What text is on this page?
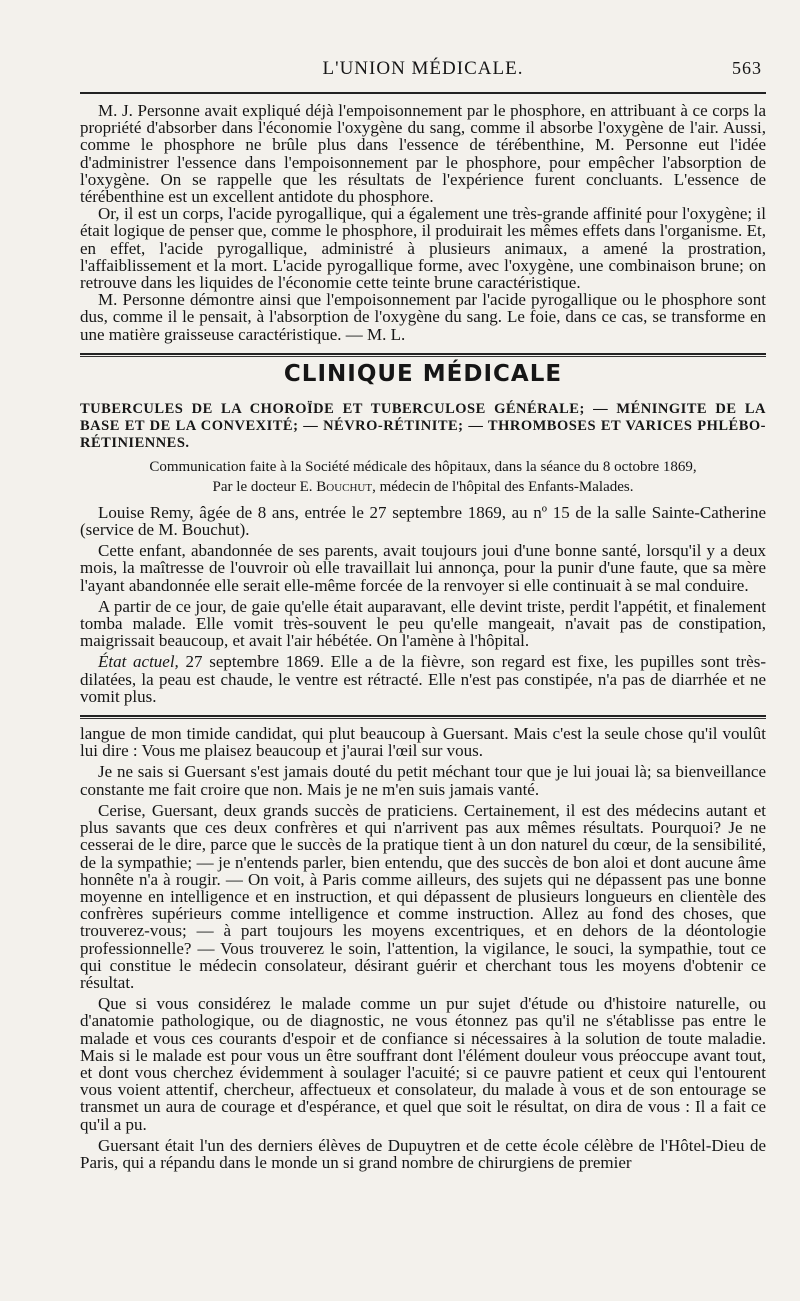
L'UNION MÉDICALE.	563

M. J. Personne avait expliqué déjà l'empoisonnement par le phosphore, en attribuant à ce corps la propriété d'absorber dans l'économie l'oxygène du sang, comme il absorbe l'oxygène de l'air. Aussi, comme le phosphore ne brûle plus dans l'essence de térébenthine, M. Personne eut l'idée d'administrer l'essence dans l'empoisonnement par le phosphore, pour empêcher l'absorption de l'oxygène. On se rappelle que les résultats de l'expérience furent concluants. L'essence de térébenthine est un excellent antidote du phosphore.

Or, il est un corps, l'acide pyrogallique, qui a également une très-grande affinité pour l'oxygène; il était logique de penser que, comme le phosphore, il produirait les mêmes effets dans l'organisme. Et, en effet, l'acide pyrogallique, administré à plusieurs animaux, a amené la prostration, l'affaiblissement et la mort. L'acide pyrogallique forme, avec l'oxygène, une combinaison brune; on retrouve dans les liquides de l'économie cette teinte brune caractéristique.

M. Personne démontre ainsi que l'empoisonnement par l'acide pyrogallique ou le phosphore sont dus, comme il le pensait, à l'absorption de l'oxygène du sang. Le foie, dans ce cas, se transforme en une matière graisseuse caractéristique. — M. L.

CLINIQUE MÉDICALE
TUBERCULES DE LA CHOROÏDE ET TUBERCULOSE GÉNÉRALE; — MÉNINGITE DE LA BASE ET DE LA CONVEXITÉ; — NÉVRO-RÉTINITE; — THROMBOSES ET VARICES PHLÉBO-RÉTINIENNES.
Communication faite à la Société médicale des hôpitaux, dans la séance du 8 octobre 1869,
Par le docteur E. Bouchut, médecin de l'hôpital des Enfants-Malades.

Louise Remy, âgée de 8 ans, entrée le 27 septembre 1869, au nº 15 de la salle Sainte-Catherine (service de M. Bouchut).

Cette enfant, abandonnée de ses parents, avait toujours joui d'une bonne santé, lorsqu'il y a deux mois, la maîtresse de l'ouvroir où elle travaillait lui annonça, pour la punir d'une faute, que sa mère l'ayant abandonnée elle serait elle-même forcée de la renvoyer si elle continuait à se mal conduire.

A partir de ce jour, de gaie qu'elle était auparavant, elle devint triste, perdit l'appétit, et finalement tomba malade. Elle vomit très-souvent le peu qu'elle mangeait, n'avait pas de constipation, maigrissait beaucoup, et avait l'air hébétée. On l'amène à l'hôpital.

État actuel, 27 septembre 1869. Elle a de la fièvre, son regard est fixe, les pupilles sont très-dilatées, la peau est chaude, le ventre est rétracté. Elle n'est pas constipée, n'a pas de diarrhée et ne vomit plus.

langue de mon timide candidat, qui plut beaucoup à Guersant. Mais c'est la seule chose qu'il voulût lui dire : Vous me plaisez beaucoup et j'aurai l'œil sur vous.

Je ne sais si Guersant s'est jamais douté du petit méchant tour que je lui jouai là; sa bienveillance constante me fait croire que non. Mais je ne m'en suis jamais vanté.

Cerise, Guersant, deux grands succès de praticiens. Certainement, il est des médecins autant et plus savants que ces deux confrères et qui n'arrivent pas aux mêmes résultats. Pourquoi? Je ne cesserai de le dire, parce que le succès de la pratique tient à un don naturel du cœur, de la sensibilité, de la sympathie; — je n'entends parler, bien entendu, que des succès de bon aloi et dont aucune âme honnête n'a à rougir. — On voit, à Paris comme ailleurs, des sujets qui ne dépassent pas une bonne moyenne en intelligence et en instruction, et qui dépassent de plusieurs longueurs en clientèle des confrères supérieurs comme intelligence et comme instruction. Allez au fond des choses, que trouverez-vous; — à part toujours les moyens excentriques, et en dehors de la déontologie professionnelle? — Vous trouverez le soin, l'attention, la vigilance, le souci, la sympathie, tout ce qui constitue le médecin consolateur, désirant guérir et cherchant tous les moyens d'obtenir ce résultat.

Que si vous considérez le malade comme un pur sujet d'étude ou d'histoire naturelle, ou d'anatomie pathologique, ou de diagnostic, ne vous étonnez pas qu'il ne s'établisse pas entre le malade et vous ces courants d'espoir et de confiance si nécessaires à la solution de toute maladie. Mais si le malade est pour vous un être souffrant dont l'élément douleur vous préoccupe avant tout, et dont vous cherchez évidemment à soulager l'acuité; si ce pauvre patient et ceux qui l'entourent vous voient attentif, chercheur, affectueux et consolateur, du malade à vous et de son entourage se transmet un aura de courage et d'espérance, et quel que soit le résultat, on dira de vous : Il a fait ce qu'il a pu.

Guersant était l'un des derniers élèves de Dupuytren et de cette école célèbre de l'Hôtel-Dieu de Paris, qui a répandu dans le monde un si grand nombre de chirurgiens de premier
